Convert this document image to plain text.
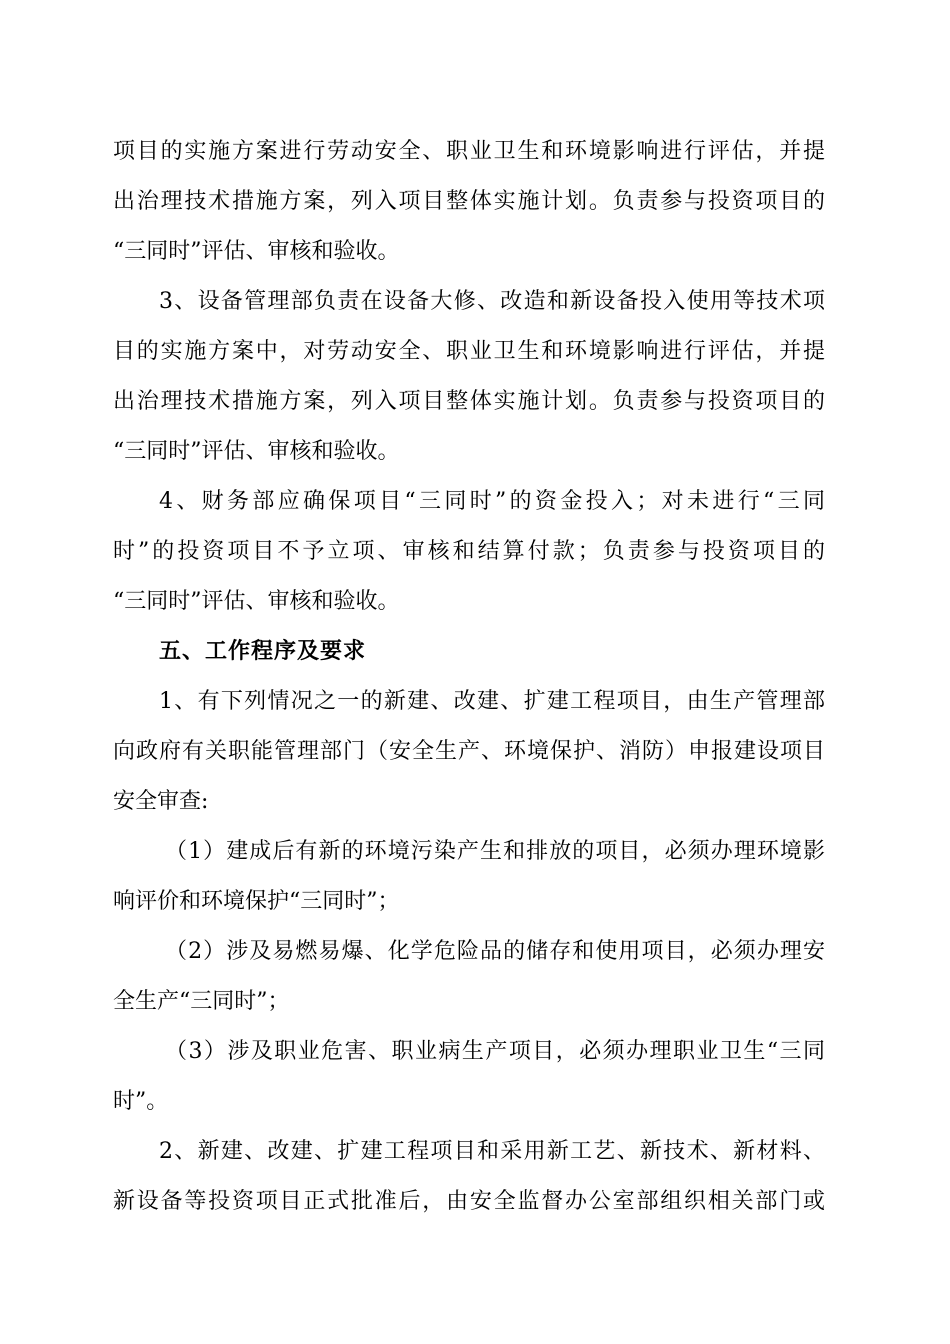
项目的实施方案进行劳动安全、职业卫生和环境影响进行评估，并提
出治理技术措施方案，列入项目整体实施计划。负责参与投资项目的
“三同时”评估、审核和验收。
3、设备管理部负责在设备大修、改造和新设备投入使用等技术项
目的实施方案中，对劳动安全、职业卫生和环境影响进行评估，并提
出治理技术措施方案，列入项目整体实施计划。负责参与投资项目的
“三同时”评估、审核和验收。
4、财务部应确保项目“三同时”的资金投入；对未进行“三同
时”的投资项目不予立项、审核和结算付款；负责参与投资项目的
“三同时”评估、审核和验收。
五、工作程序及要求
1、有下列情况之一的新建、改建、扩建工程项目，由生产管理部
向政府有关职能管理部门（安全生产、环境保护、消防）申报建设项目
安全审查:
（1）建成后有新的环境污染产生和排放的项目，必须办理环境影
响评价和环境保护“三同时”；
（2）涉及易燃易爆、化学危险品的储存和使用项目，必须办理安
全生产“三同时”；
（3）涉及职业危害、职业病生产项目，必须办理职业卫生“三同
时”。
2、新建、改建、扩建工程项目和采用新工艺、新技术、新材料、
新设备等投资项目正式批准后，由安全监督办公室部组织相关部门或
